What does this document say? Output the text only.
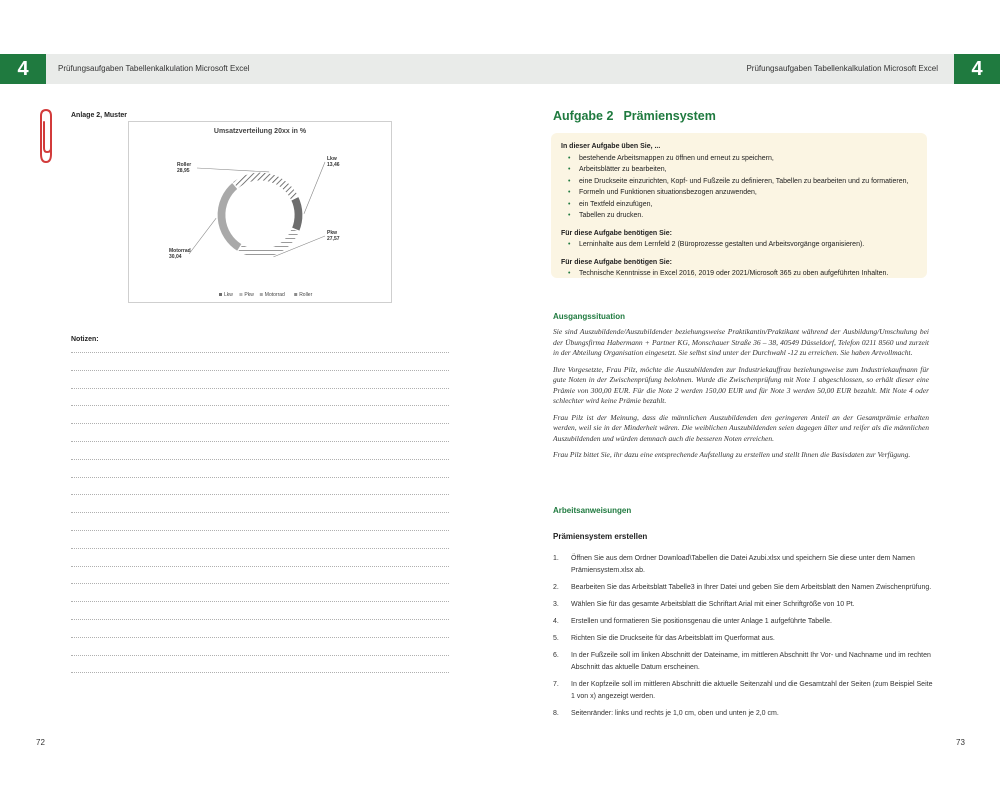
4	Prüfungsaufgaben Tabellenkalkulation Microsoft Excel	Prüfungsaufgaben Tabellenkalkulation Microsoft Excel	4
Anlage 2, Muster
Umsatzverteilung 20xx in %
Lkw
13,46
Pkw
27,57
Motorrad
30,04
Roller
28,95
Lkw Pkw Motorrad	Roller
Notizen:
72
Aufgabe 2 Prämiensystem
In dieser Aufgabe üben Sie, ...
• bestehende Arbeitsmappen zu öffnen und erneut zu speichern,
• Arbeitsblätter zu bearbeiten,
• eine Druckseite einzurichten, Kopf- und Fußzeile zu definieren, Tabellen zu bearbeiten und zu formatieren,
• Formeln und Funktionen situationsbezogen anzuwenden,
• ein Textfeld einzufügen,
• Tabellen zu drucken.
Für diese Aufgabe benötigen Sie:
• Lerninhalte aus dem Lernfeld 2 (Büroprozesse gestalten und Arbeitsvorgänge organisieren).
Für diese Aufgabe benötigen Sie:
• Technische Kenntnisse in Excel 2016, 2019 oder 2021/Microsoft 365 zu oben aufgeführten Inhalten.
Ausgangssituation

Sie sind Auszubildende/Auszubildender beziehungsweise Praktikantin/Praktikant während der Ausbildung/Umschulung bei der Übungsfirma Habermann + Partner KG, Monschauer Straße 36 – 38, 40549 Düsseldorf, Telefon 0211 8560 und zurzeit in der Abteilung Organisation eingesetzt. Sie selbst sind unter der Durchwahl -12 zu erreichen. Sie haben Artvollmacht.

Ihre Vorgesetzte, Frau Pilz, möchte die Auszubildenden zur Industriekauffrau beziehungsweise zum Industriekaufmann für gute Noten in der Zwischenprüfung belohnen. Wurde die Zwischenprüfung mit Note 1 abgeschlossen, so erhält dieser eine Prämie von 300,00 EUR. Für die Note 2 werden 150,00 EUR und für Note 3 werden 50,00 EUR bezahlt. Mit Note 4 oder schlechter wird keine Prämie bezahlt.

Frau Pilz ist der Meinung, dass die männlichen Auszubildenden den geringeren Anteil an der Gesamtprämie erhalten werden, weil sie in der Minderheit wären. Die weiblichen Auszubildenden seien dagegen älter und reifer als die männlichen Auszubildenden und würden demnach auch die besseren Noten erreichen.

Frau Pilz bittet Sie, ihr dazu eine entsprechende Aufstellung zu erstellen und stellt Ihnen die Basisdaten zur Verfügung.

Arbeitsanweisungen
Prämiensystem erstellen
1.	Öffnen Sie aus dem Ordner Download\Tabellen die Datei Azubi.xlsx und speichern Sie diese unter dem Namen Prämiensystem.xlsx ab.
2.	Bearbeiten Sie das Arbeitsblatt Tabelle3 in Ihrer Datei und geben Sie dem Arbeitsblatt den Namen Zwischenprüfung.
3.	Wählen Sie für das gesamte Arbeitsblatt die Schriftart Arial mit einer Schriftgröße von 10 Pt.
4.	Erstellen und formatieren Sie positionsgenau die unter Anlage 1 aufgeführte Tabelle.
5.	Richten Sie die Druckseite für das Arbeitsblatt im Querformat aus.
6.	In der Fußzeile soll im linken Abschnitt der Dateiname, im mittleren Abschnitt Ihr Vor- und Nachname und im rechten Abschnitt das aktuelle Datum erscheinen.
7.	In der Kopfzeile soll im mittleren Abschnitt die aktuelle Seitenzahl und die Gesamtzahl der Seiten (zum Beispiel Seite 1 von x) angezeigt werden.
8.	Seitenränder: links und rechts je 1,0 cm, oben und unten je 2,0 cm.
73
